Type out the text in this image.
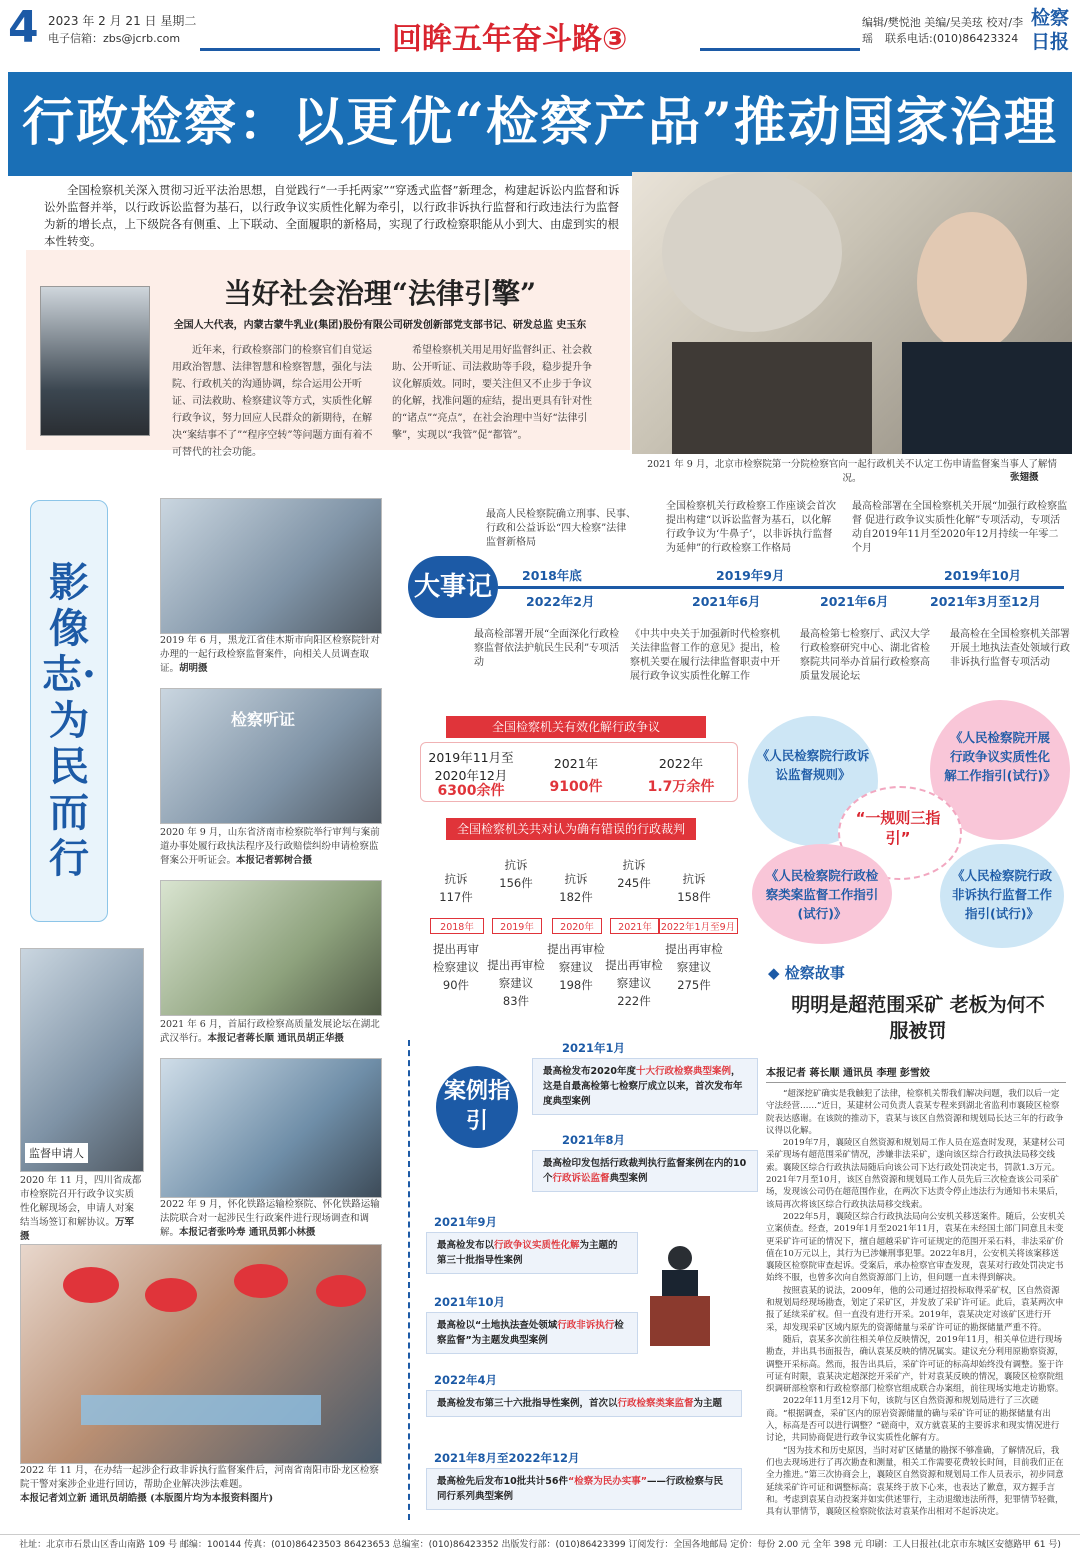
4 2023 年 2 月 21 日 星期二
电子信箱：zbs@jcrb.com	回眸五年奋斗路③	编辑/樊悦池 美编/吴美玹 校对/李瑶	联系电话:(010)86423324
检察日报
行政检察：以更优“检察产品”推动国家治理
全国检察机关深入贯彻习近平法治思想，自觉践行“一手托两家”“穿透式监督”新理念，构建起诉讼内监督和诉讼外监督并举，以行政诉讼监督为基石，以行政争议实质性化解为牵引，以行政非诉执行监督和行政违法行为监督为新的增长点，上下级院各有侧重、上下联动、全面履职的新格局，实现了行政检察职能从小到大、由虚到实的根本性转变。
当好社会治理“法律引擎”
全国人大代表，内蒙古蒙牛乳业(集团)股份有限公司研发创新部党支部书记、研发总监 史玉东
近年来，行政检察部门的检察官们自觉运用政治智慧、法律智慧和检察智慧，强化与法院、行政机关的沟通协调，综合运用公开听证、司法救助、检察建议等方式，实质性化解行政争议，努力回应人民群众的新期待，在解决“案结事不了”“程序空转”等问题方面有着不可替代的社会功能。
希望检察机关用足用好监督纠正、社会救助、公开听证、司法救助等手段，稳步提升争议化解质效。同时，要关注但又不止步于争议的化解，找准问题的症结，提出更具有针对性的“诸点”“亮点”，在社会治理中当好“法律引擎”，实现以“我管”促“都管”。
2021 年 9 月，北京市检察院第一分院检察官向一起行政机关不认定工伤申请监督案当事人了解情况。	张翅摄
影像志·为民而行
2019 年 6 月，黑龙江省佳木斯市向阳区检察院针对办理的一起行政检察监督案件，向相关人员调查取证。胡明摄
检察听证
2020 年 9 月，山东省济南市检察院举行审判与案前道办事处履行政执法程序及行政赔偿纠纷申请检察监督案公开听证会。本报记者郭树合摄
2021 年 6 月，首届行政检察高质量发展论坛在湖北武汉举行。本报记者蒋长顺 通讯员胡正华摄
监督申请人
2020 年 11 月，四川省成都市检察院召开行政争议实质性化解现场会，申请人对案结当场签订和解协议。万军摄
2022 年 9 月，怀化铁路运输检察院、怀化铁路运输法院联合对一起涉民生行政案件进行现场调查和调解。本报记者张吟寿 通讯员郭小林摄
2022 年 11 月，在办结一起涉企行政非诉执行监督案件后，河南省南阳市卧龙区检察院干警对案涉企业进行回访，帮助企业解决涉法难题。
本报记者刘立新 通讯员胡皓摄 (本版图片均为本报资料图片)
最高人民检察院确立刑事、民事、行政和公益诉讼“四大检察”法律监督新格局
全国检察机关行政检察工作座谈会首次提出构建“以诉讼监督为基石，以化解行政争议为‘牛鼻子’，以非诉执行监督为延伸”的行政检察工作格局
最高检部署在全国检察机关开展“加强行政检察监督 促进行政争议实质性化解”专项活动，专项活动自2019年11月至2020年12月持续一年零二个月
大事记	2018年底	2019年9月	2019年10月
2022年2月	2021年6月	2021年6月	2021年3月至12月
最高检部署开展“全面深化行政检察监督依法护航民生民利”专项活动
《中共中央关于加强新时代检察机关法律监督工作的意见》提出，检察机关要在履行法律监督职责中开展行政争议实质性化解工作
最高检第七检察厅、武汉大学行政检察研究中心、湖北省检察院共同举办首届行政检察高质量发展论坛
最高检在全国检察机关部署开展土地执法查处领域行政非诉执行监督专项活动
全国检察机关有效化解行政争议
2019年11月至2020年12月
6300余件
2021年
9100件
2022年
1.7万余件
全国检察机关共对认为确有错误的行政裁判
抗诉
117件
2018年
提出再审检察建议
90件
抗诉
156件
2019年
提出再审检察建议
83件
抗诉
182件
2020年
提出再审检察建议
198件
抗诉
245件
2021年
提出再审检察建议
222件
抗诉
158件
2022年1月至9月
提出再审检察建议
275件
《人民检察院行政诉讼监督规则》
《人民检察院开展行政争议实质性化解工作指引(试行)》
“一规则三指引”
《人民检察院行政检察类案监督工作指引(试行)》
《人民检察院行政非诉执行监督工作指引(试行)》
◆ 检察故事
明明是超范围采矿 老板为何不服被罚
本报记者 蒋长顺 通讯员 李理 彭雪姣
“超深挖矿确实是我触犯了法律，检察机关帮我们解决问题，我们以后一定守法经营……”近日，某建材公司负责人袁某专程来到湖北省监利市襄陵区检察院表达感谢。在该院的推动下，袁某与该区自然资源和规划局长达三年的行政争议得以化解。
2019年7月，襄陵区自然资源和规划局工作人员在巡查时发现，某建材公司采矿现场有超范围采矿情况，涉嫌非法采矿，遂向该区综合行政执法局移交线索。襄陵区综合行政执法局随后向该公司下达行政处罚决定书，罚款1.3万元。2021年7月至10月，该区自然资源和规划局工作人员先后三次检查该公司采矿场，发现该公司仍在超范围作业，在两次下达责令停止违法行为通知书未果后，该局再次将该区综合行政执法局移交线索。
2022年5月，襄陵区综合行政执法局向公安机关移送案件。随后，公安机关立案侦查。经查，2019年1月至2021年11月，袁某在未经国土部门同意且未变更采矿许可证的情况下，擅自超越采矿许可证规定的范围开采石料，非法采矿价值在10万元以上，其行为已涉嫌刑事犯罪。2022年8月，公安机关将该案移送襄陵区检察院审查起诉。受案后，承办检察官审查发现，袁某对行政处罚决定书始终不服，也曾多次向自然资源部门上访，但问题一直未得到解决。
按照袁某的说法，2009年，他的公司通过招投标取得采矿权，区自然资源和规划局经现场勘查，划定了采矿区，并发放了采矿许可证。此后，袁某两次申报了延续采矿权。但一直没有进行开采。2019年，袁某决定对该矿区进行开采，却发现采矿区域内原先的资源储量与采矿许可证的勘探储量严重不符。
随后，袁某多次前往相关单位反映情况，2019年11月，相关单位进行现场勘查，并出具书面报告，确认袁某反映的情况属实。建议充分利用原勘察资源，调整开采标高。然而，报告出具后，采矿许可证的标高却始终没有调整。鉴于许可证有时限，袁某决定超深挖开采矿产，针对袁某反映的情况，襄陵区检察院组织调研部检察和行政检察部门检察官组成联合办案组，前往现场实地走访勘察。
2022年11月至12月下旬，该院与区自然资源和规划局进行了三次磋商。“根据调查，采矿区内的原岩资源储量的确与采矿许可证的勘探储量有出入，标高是否可以进行调整？”磋商中，双方就袁某的主要诉求和现实情况进行讨论，共同协商促进行政争议实质性化解有方。
“因为技术和历史原因，当时对矿区储量的勘探不够准确，了解情况后，我们也去现场进行了再次勘查和测量，相关工作需要花费较长时间，目前我们正在全力推进。”第三次协商会上，襄陵区自然资源和规划局工作人员表示，初步同意延续采矿许可证和调整标高；袁某终于放下心来，也表达了歉意，双方握手言和。考虑到袁某自动投案并如实供述罪行，主动退缴违法所得，犯罪情节轻微，具有认罪情节，襄陵区检察院依法对袁某作出相对不起诉决定。
案例指引
2021年1月
最高检发布2020年度十大行政检察典型案例，这是自最高检第七检察厅成立以来，首次发布年度典型案例
2021年8月
最高检印发包括行政裁判执行监督案例在内的10个行政诉讼监督典型案例
2021年9月
最高检发布以行政争议实质性化解为主题的第三十批指导性案例
2021年10月
最高检以“土地执法查处领域行政非诉执行检察监督”为主题发典型案例
2022年4月
最高检发布第三十六批指导性案例，首次以行政检察类案监督为主题
2021年8月至2022年12月
最高检先后发布10批共计56件“检察为民办实事”——行政检察与民同行系列典型案例
社址：北京市石景山区香山南路 109 号 邮编：100144 传真：(010)86423503 86423653 总编室：(010)86423352 出版发行部：(010)86423399 订阅发行：全国各地邮局 定价：每份 2.00 元 全年 398 元 印刷：工人日报社(北京市东城区安德路甲 61 号)
